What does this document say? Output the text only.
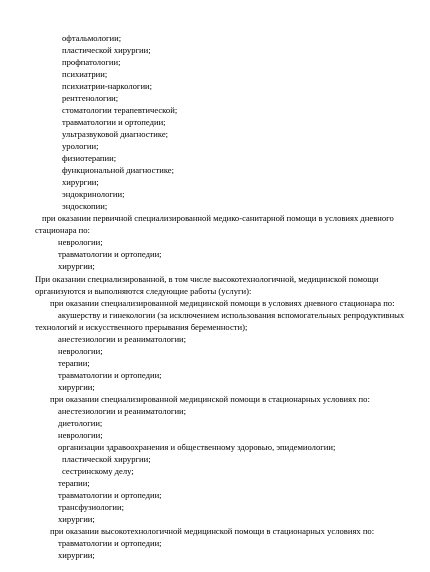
офтальмологии;
пластической хирургии;
профпатологии;
психиатрии;
психиатрии-наркологии;
рентгенологии;
стоматологии терапевтической;
травматологии и ортопедии;
ультразвуковой диагностике;
урологии;
физиотерапии;
функциональной диагностике;
хирургии;
эндокринологии;
эндоскопии;
при оказании первичной специализированной медико-санитарной помощи в условиях дневного
стационара по:
неврологии;
травматологии и ортопедии;
хирургии;
При оказании специализированной, в том числе высокотехнологичной, медицинской помощи
организуются и выполняются следующие работы (услуги):
при оказании специализированной медицинской помощи в условиях дневного стационара по:
акушерству и гинекологии (за исключением использования вспомогательных репродуктивных
технологий и искусственного прерывания беременности);
анестезиологии и реаниматологии;
неврологии;
терапии;
травматологии и ортопедии;
хирургии;
при оказании специализированной медицинской помощи в стационарных условиях по:
анестезиологии и реаниматологии;
диетологии;
неврологии;
организации здравоохранения и общественному здоровью, эпидемиологии;
пластической хирургии;
сестринскому делу;
терапии;
травматологии и ортопедии;
трансфузиологии;
хирургии;
при оказании высокотехнологичной медицинской помощи в стационарных условиях по:
травматологии и ортопедии;
хирургии;
